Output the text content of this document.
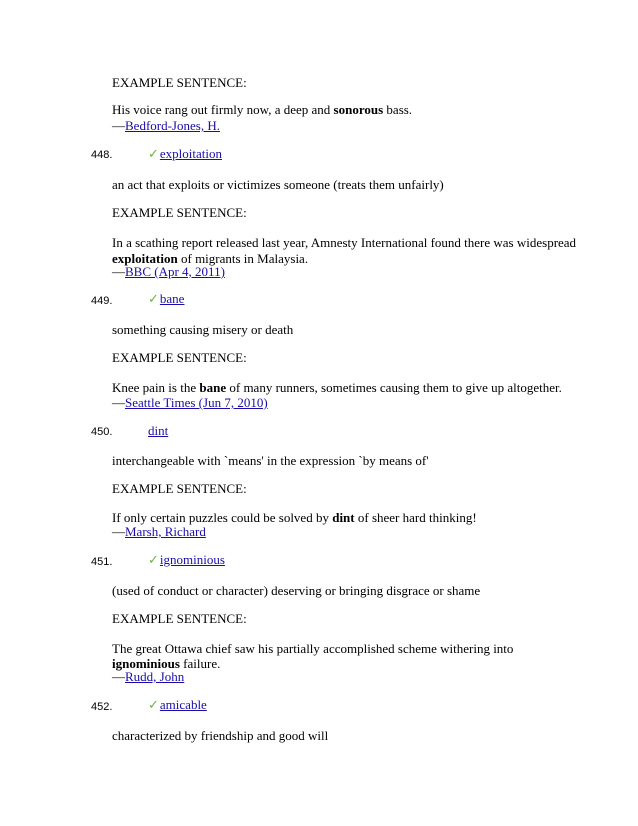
EXAMPLE SENTENCE:
His voice rang out firmly now, a deep and sonorous bass.
—Bedford-Jones, H.
448.	✓exploitation
an act that exploits or victimizes someone (treats them unfairly)
EXAMPLE SENTENCE:
In a scathing report released last year, Amnesty International found there was widespread
exploitation of migrants in Malaysia.
—BBC (Apr 4, 2011)
449.	✓bane
something causing misery or death
EXAMPLE SENTENCE:
Knee pain is the bane of many runners, sometimes causing them to give up altogether.
—Seattle Times (Jun 7, 2010)
450.	dint
interchangeable with `means' in the expression `by means of'
EXAMPLE SENTENCE:
If only certain puzzles could be solved by dint of sheer hard thinking!
—Marsh, Richard
451.	✓ignominious
(used of conduct or character) deserving or bringing disgrace or shame
EXAMPLE SENTENCE:
The great Ottawa chief saw his partially accomplished scheme withering into
ignominious failure.
—Rudd, John
452.	✓amicable
characterized by friendship and good will
